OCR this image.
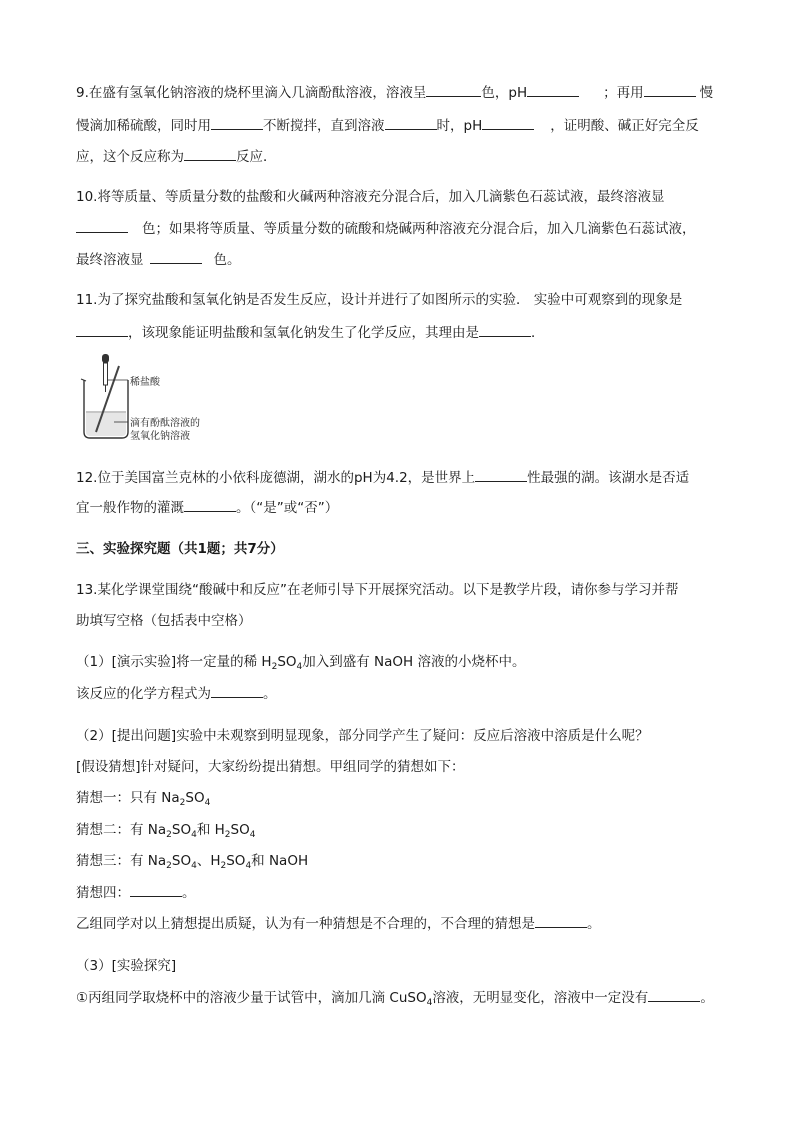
9.在盛有氢氧化钠溶液的烧杯里滴入几滴酚酞溶液，溶液呈	色，pH	；再用	慢
慢滴加稀硫酸，同时用	不断搅拌，直到溶液	时，pH	，证明酸、碱正好完全反
应，这个反应称为	反应．
10.将等质量、等质量分数的盐酸和火碱两种溶液充分混合后，加入几滴紫色石蕊试液，最终溶液显
色；如果将等质量、等质量分数的硫酸和烧碱两种溶液充分混合后，加入几滴紫色石蕊试液，
最终溶液显	色。
11.为了探究盐酸和氢氧化钠是否发生反应，设计并进行了如图所示的实验． 实验中可观察到的现象是
，该现象能证明盐酸和氢氧化钠发生了化学反应，其理由是	．
稀盐酸
滴有酚酞溶液的
氢氧化钠溶液
12.位于美国富兰克林的小依科庞德湖，湖水的pH为4.2，是世界上	性最强的湖。该湖水是否适
宜一般作物的灌溉	。（“是”或“否”）
三、实验探究题（共1题；共7分）
13.某化学课堂围绕“酸碱中和反应”在老师引导下开展探究活动。以下是教学片段，请你参与学习并帮
助填写空格（包括表中空格）
（1）[演示实验]将一定量的稀 $H_2SO_4$加入到盛有 NaOH 溶液的小烧杯中。
该反应的化学方程式为	。
（2）[提出问题]实验中未观察到明显现象，部分同学产生了疑问：反应后溶液中溶质是什么呢？
[假设猜想]针对疑问，大家纷纷提出猜想。甲组同学的猜想如下：
猜想一：只有 $Na_2SO_4$
猜想二：有 $Na_2SO_4$和 $H_2SO_4$
猜想三：有 $Na_2SO_4$、$H_2SO_4$和 NaOH
猜想四：	。
乙组同学对以上猜想提出质疑，认为有一种猜想是不合理的，不合理的猜想是	。
（3）[实验探究]
①丙组同学取烧杯中的溶液少量于试管中，滴加几滴 CuSO$_4$溶液，无明显变化，溶液中一定没有	。
